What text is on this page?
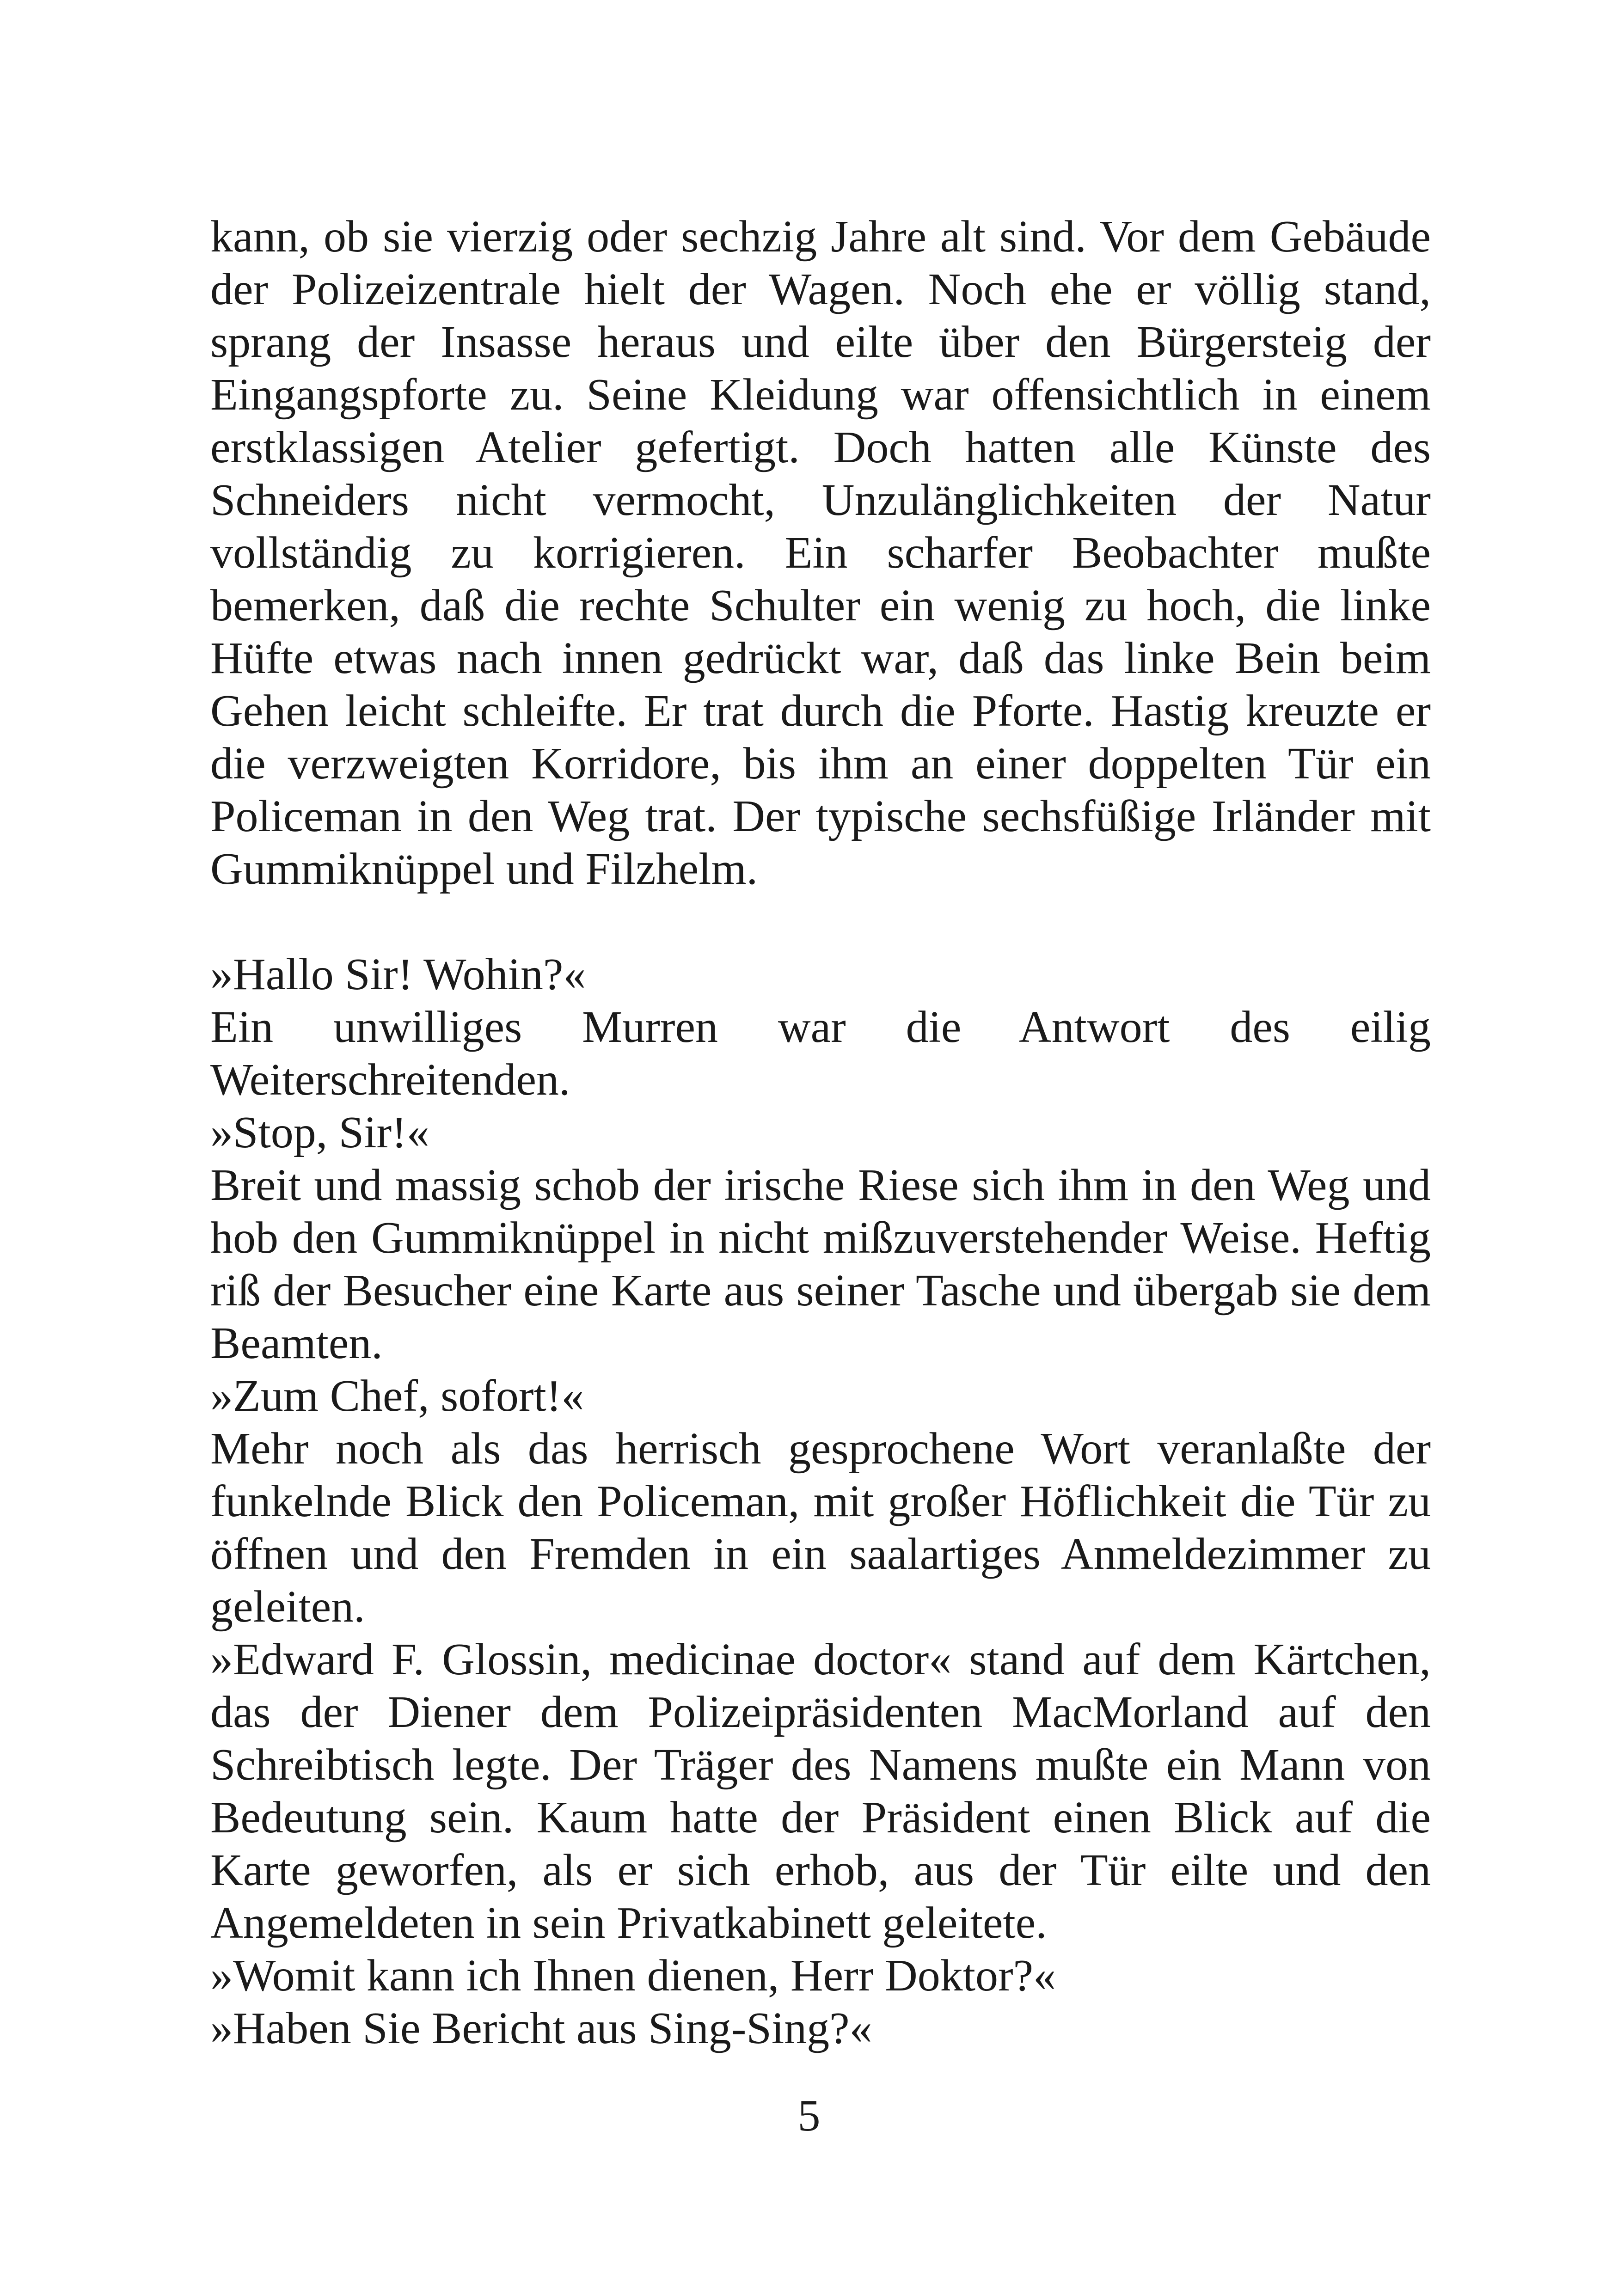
kann, ob sie vierzig oder sechzig Jahre alt sind. Vor dem Gebäude

der Polizeizentrale hielt der Wagen. Noch ehe er völlig stand,

sprang der Insasse heraus und eilte über den Bürgersteig der

Eingangspforte zu. Seine Kleidung war offensichtlich in einem

erstklassigen Atelier gefertigt. Doch hatten alle Künste des

Schneiders nicht vermocht, Unzulänglichkeiten der Natur

vollständig zu korrigieren. Ein scharfer Beobachter mußte

bemerken, daß die rechte Schulter ein wenig zu hoch, die linke

Hüfte etwas nach innen gedrückt war, daß das linke Bein beim

Gehen leicht schleifte. Er trat durch die Pforte. Hastig kreuzte er

die verzweigten Korridore, bis ihm an einer doppelten Tür ein

Policeman in den Weg trat. Der typische sechsfüßige Irländer mit

Gummiknüppel und Filzhelm.

»Hallo Sir! Wohin?«

Ein unwilliges Murren war die Antwort des eilig

Weiterschreitenden.

»Stop, Sir!«

Breit und massig schob der irische Riese sich ihm in den Weg und

hob den Gummiknüppel in nicht mißzuverstehender Weise. Heftig

riß der Besucher eine Karte aus seiner Tasche und übergab sie dem

Beamten.

»Zum Chef, sofort!«

Mehr noch als das herrisch gesprochene Wort veranlaßte der

funkelnde Blick den Policeman, mit großer Höflichkeit die Tür zu

öffnen und den Fremden in ein saalartiges Anmeldezimmer zu

geleiten.

»Edward F. Glossin, medicinae doctor« stand auf dem Kärtchen,

das der Diener dem Polizeipräsidenten MacMorland auf den

Schreibtisch legte. Der Träger des Namens mußte ein Mann von

Bedeutung sein. Kaum hatte der Präsident einen Blick auf die

Karte geworfen, als er sich erhob, aus der Tür eilte und den

Angemeldeten in sein Privatkabinett geleitete.

»Womit kann ich Ihnen dienen, Herr Doktor?«

»Haben Sie Bericht aus Sing-Sing?«

5
